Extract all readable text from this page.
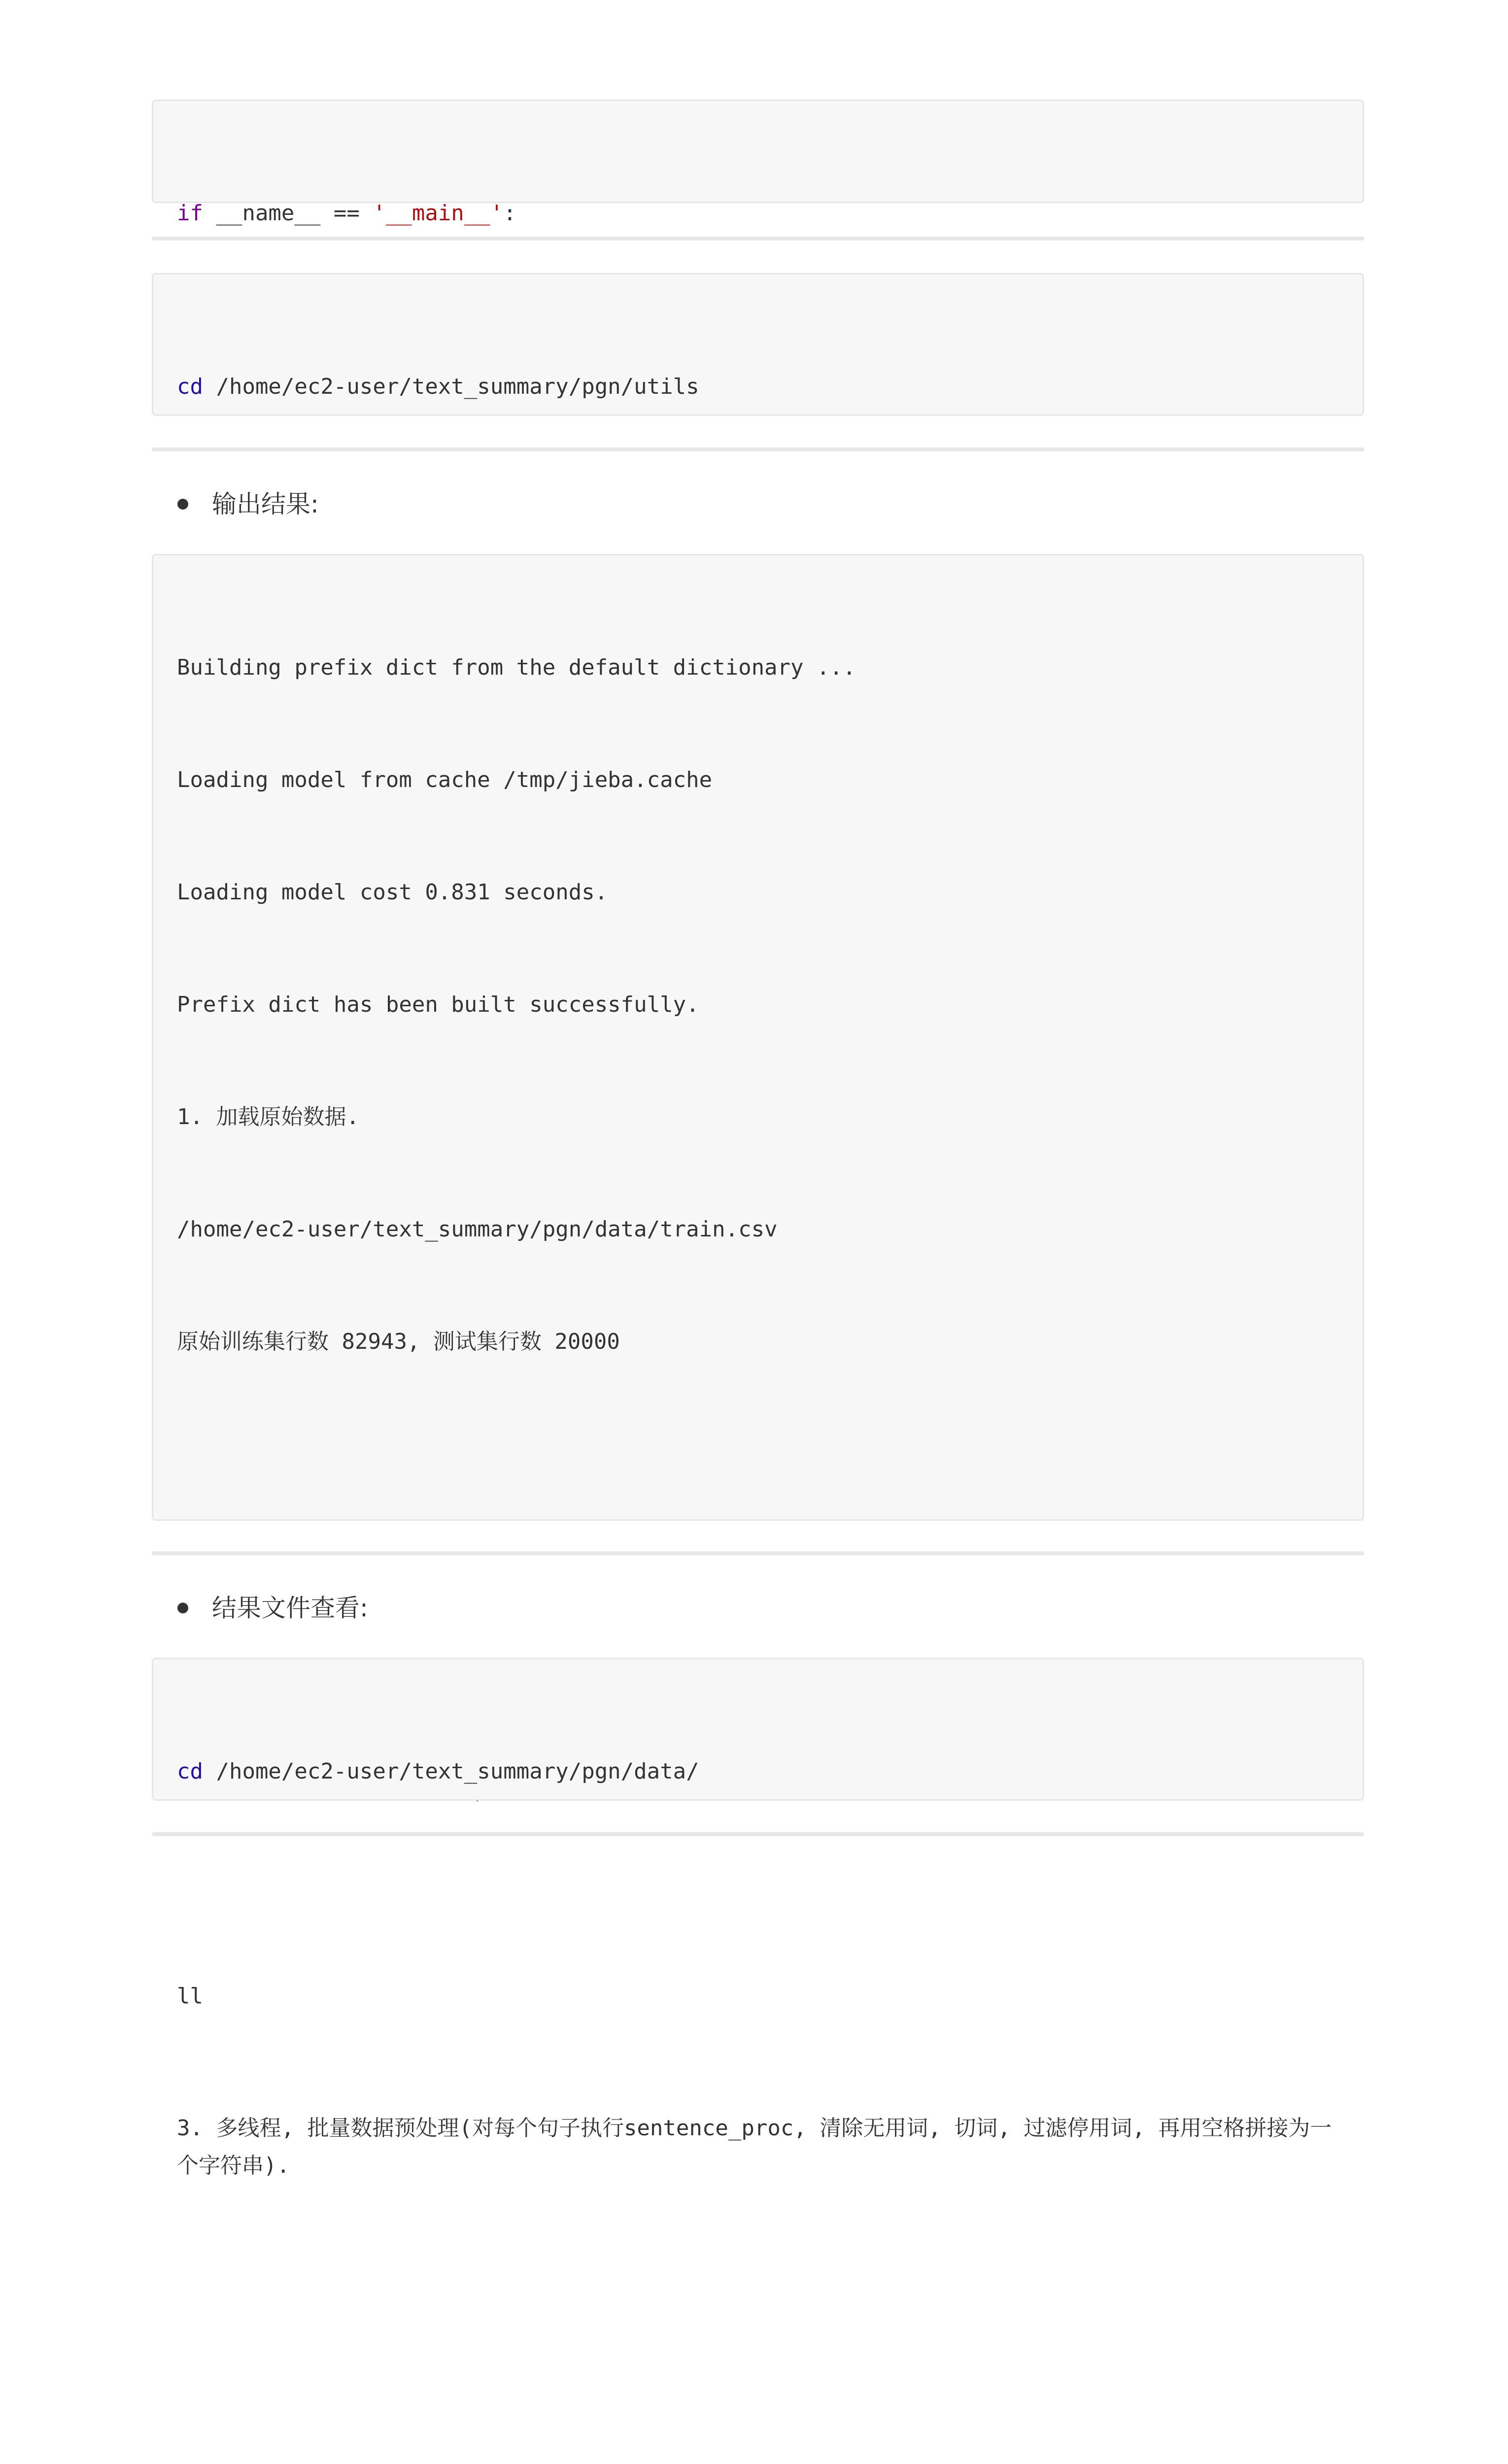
if __name__ == '__main__':

cd /home/ec2-user/text_summary/pgn/utils

输出结果:

Building prefix dict from the default dictionary ...

Loading model from cache /tmp/jieba.cache

Loading model cost 0.831 seconds.

Prefix dict has been built successfully.

1. 加载原始数据.

/home/ec2-user/text_summary/pgn/data/train.csv

原始训练集行数 82943, 测试集行数 20000

3. 多线程, 批量数据预处理(对每个句子执行sentence_proc, 清除无用词, 切词, 过滤停用词, 再用空格拼接为一个字符串).

结果文件查看:

cd /home/ec2-user/text_summary/pgn/data/

ll
